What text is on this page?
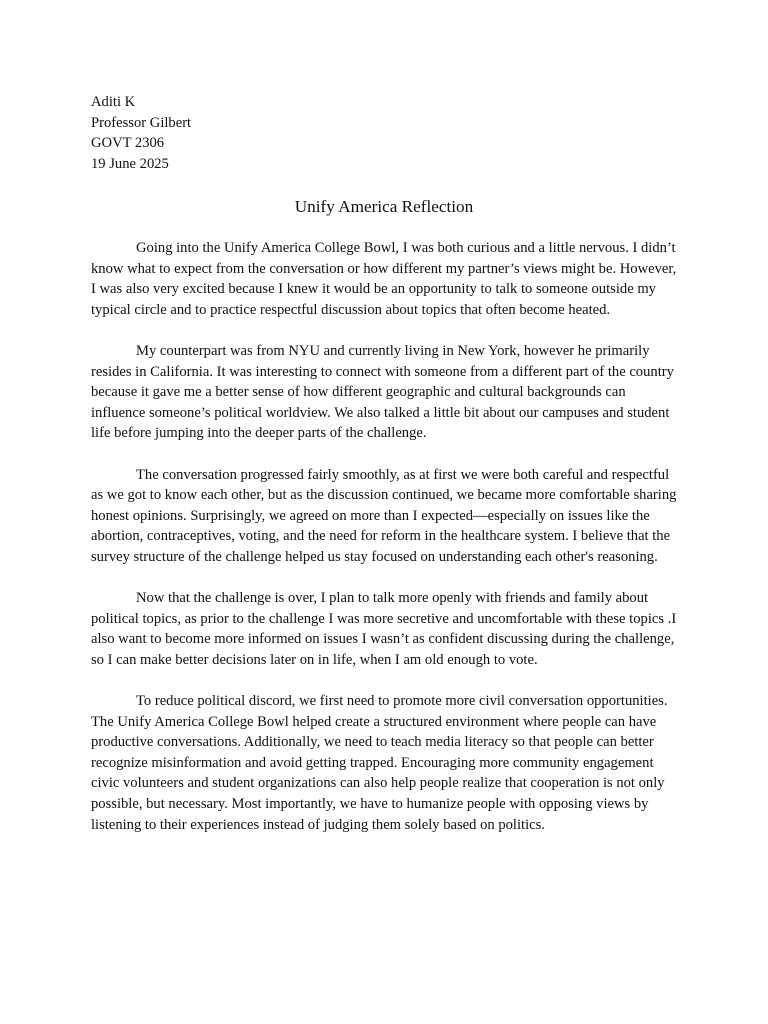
Aditi K
Professor Gilbert
GOVT 2306
19 June 2025
Unify America Reflection

Going into the Unify America College Bowl, I was both curious and a little nervous. I didn’t know what to expect from the conversation or how different my partner’s views might be. However, I was also very excited because I knew it would be an opportunity to talk to someone outside my typical circle and to practice respectful discussion about topics that often become heated.

My counterpart was from NYU and currently living in New York, however he primarily resides in California. It was interesting to connect with someone from a different part of the country because it gave me a better sense of how different geographic and cultural backgrounds can influence someone’s political worldview. We also talked a little bit about our campuses and student life before jumping into the deeper parts of the challenge.

The conversation progressed fairly smoothly, as at first we were both careful and respectful as we got to know each other, but as the discussion continued, we became more comfortable sharing honest opinions. Surprisingly, we agreed on more than I expected—especially on issues like the abortion, contraceptives, voting, and the need for reform in the healthcare system. I believe that the survey structure of the challenge helped us stay focused on understanding each other's reasoning.

Now that the challenge is over, I plan to talk more openly with friends and family about political topics, as prior to the challenge I was more secretive and uncomfortable with these topics .I also want to become more informed on issues I wasn’t as confident discussing during the challenge, so I can make better decisions later on in life, when I am old enough to vote.

To reduce political discord, we first need to promote more civil conversation opportunities. The Unify America College Bowl helped create a structured environment where people can have productive conversations. Additionally, we need to teach media literacy so that people can better recognize misinformation and avoid getting trapped. Encouraging more community engagement civic volunteers and student organizations can also help people realize that cooperation is not only possible, but necessary. Most importantly, we have to humanize people with opposing views by listening to their experiences instead of judging them solely based on politics.
